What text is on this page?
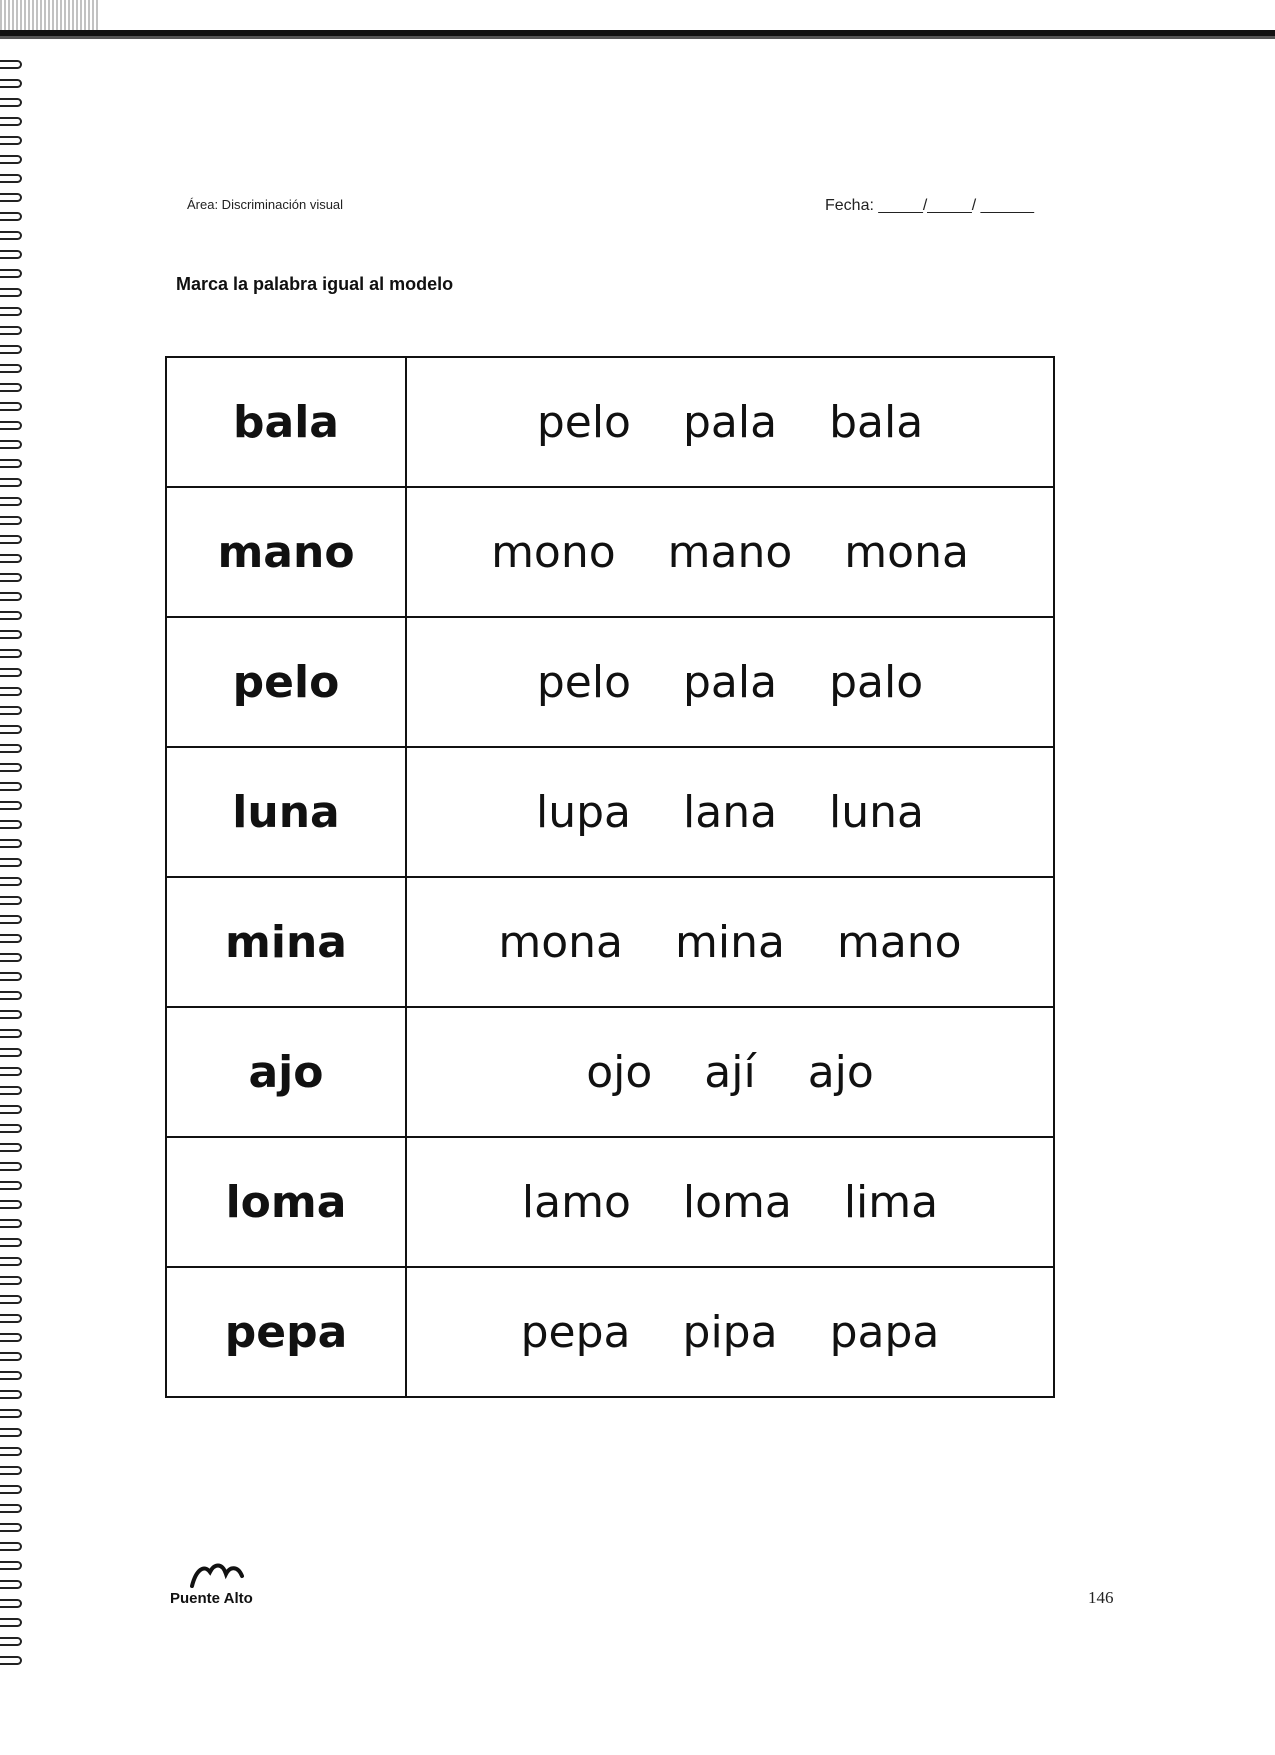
Área: Discriminación visual	Fecha: _____/_____/ ______
Marca la palabra igual al modelo
bala	pelo pala bala
mano	mono mano mona
pelo	pelo pala palo
luna	lupa lana luna
mina	mona mina mano
ajo	ojo ají ajo
loma	lamo loma lima
pepa	pepa pipa papa
Puente Alto	146
